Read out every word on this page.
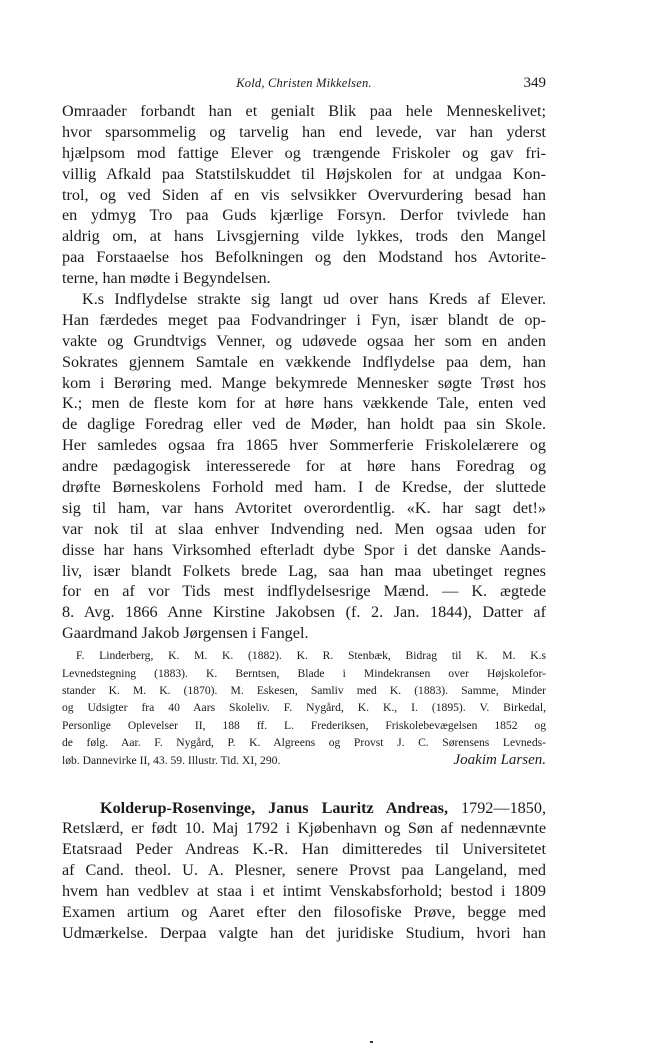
Kold, Christen Mikkelsen.	349
Omraader forbandt han et genialt Blik paa hele Menneskelivet;
hvor sparsommelig og tarvelig han end levede, var han yderst
hjælpsom mod fattige Elever og trængende Friskoler og gav fri-
villig Afkald paa Statstilskuddet til Højskolen for at undgaa Kon-
trol, og ved Siden af en vis selvsikker Overvurdering besad han
en ydmyg Tro paa Guds kjærlige Forsyn. Derfor tvivlede han
aldrig om, at hans Livsgjerning vilde lykkes, trods den Mangel
paa Forstaaelse hos Befolkningen og den Modstand hos Avtorite-
terne, han mødte i Begyndelsen.
K.s Indflydelse strakte sig langt ud over hans Kreds af Elever.
Han færdedes meget paa Fodvandringer i Fyn, især blandt de op-
vakte og Grundtvigs Venner, og udøvede ogsaa her som en anden
Sokrates gjennem Samtale en vækkende Indflydelse paa dem, han
kom i Berøring med. Mange bekymrede Mennesker søgte Trøst hos
K.; men de fleste kom for at høre hans vækkende Tale, enten ved
de daglige Foredrag eller ved de Møder, han holdt paa sin Skole.
Her samledes ogsaa fra 1865 hver Sommerferie Friskolelærere og
andre pædagogisk interesserede for at høre hans Foredrag og
drøfte Børneskolens Forhold med ham. I de Kredse, der sluttede
sig til ham, var hans Avtoritet overordentlig. «K. har sagt det!»
var nok til at slaa enhver Indvending ned. Men ogsaa uden for
disse har hans Virksomhed efterladt dybe Spor i det danske Aands-
liv, især blandt Folkets brede Lag, saa han maa ubetinget regnes
for en af vor Tids mest indflydelsesrige Mænd. — K. ægtede
8. Avg. 1866 Anne Kirstine Jakobsen (f. 2. Jan. 1844), Datter af
Gaardmand Jakob Jørgensen i Fangel.
F. Linderberg, K. M. K. (1882). K. R. Stenbæk, Bidrag til K. M. K.s
Levnedstegning (1883). K. Berntsen, Blade i Mindekransen over Højskolefor-
stander K. M. K. (1870). M. Eskesen, Samliv med K. (1883). Samme, Minder
og Udsigter fra 40 Aars Skoleliv. F. Nygård, K. K., I. (1895). V. Birkedal,
Personlige Oplevelser II, 188 ff. L. Frederiksen, Friskolebevægelsen 1852 og
de følg. Aar. F. Nygård, P. K. Algreens og Provst J. C. Sørensens Levneds-
løb. Dannevirke II, 43. 59. Illustr. Tid. XI, 290.	Joakim Larsen.
Kolderup-Rosenvinge, Janus Lauritz Andreas, 1792—1850,
Retslærd, er født 10. Maj 1792 i Kjøbenhavn og Søn af nedennævnte
Etatsraad Peder Andreas K.-R. Han dimitteredes til Universitetet
af Cand. theol. U. A. Plesner, senere Provst paa Langeland, med
hvem han vedblev at staa i et intimt Venskabsforhold; bestod i 1809
Examen artium og Aaret efter den filosofiske Prøve, begge med
Udmærkelse. Derpaa valgte han det juridiske Studium, hvori han
